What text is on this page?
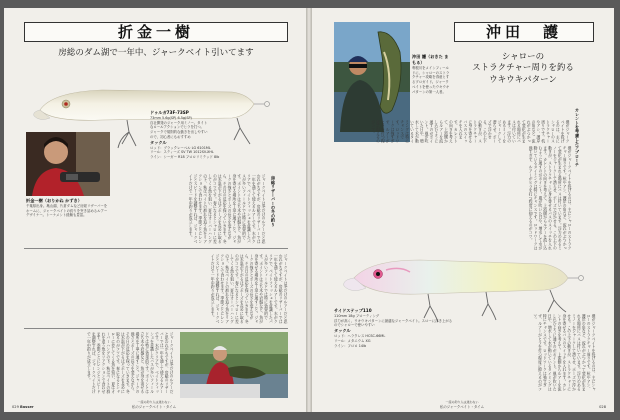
折金一樹
房総のダム湖で一年中、ジャークベイト引いてます
ドゥルガ73F-73SP
73mm 5.6g(SP) 6.5g(SP)
自社開発のジャーク用ミノー。タイト
なロールアクションでヒラを打つ。
ジャークで規則的な動きを出しやすい
ので、初心者にもおすすめ
タックル
ロッド：ブラックレーベル LG 6101ML
リール：スティーズ SV TW 1012SV-XHL
ライン：シーガー R18 フロロリミテッド 8lb
折金一樹（おりかね かずき）
千葉県出身。亀山湖、片倉ダムなど房総リザーバーをホームに、ジャークベイトの釣りを突き詰めるルアーデザイナー。トーナメント経験も豊富。	ジャークベイトは冬だけのルアーだと思われがちですが、房総のリザーバーでは一年を通して使えるルアーです。水がクリアで、ベイトフィッシュを意識したバスが多いフィールドでは特に効果的です。ポイントは立ち木や岩盤など、魚が身を寄せる場所を丁寧に通すこと。ジャークの強さとポーズの長さを変えながら、その日の反応を探っていきます。冬は水温が下がるほどポーズを長めに取るのがコツです。春になるとシャローに差してくる魚を狙い、夏はオーバーハングの下、秋はベイトの群れを追う魚をリアクションで食わせます。季節ごとにレンジとスピードを調整すれば、ジャークベイトだけで一年中釣りが成立します。	房総リザーバーの冬の釣り
ジャークベイトは冬だけのルアーだと思われがちですが、房総のリザーバーでは一年を通して使えるルアーです。水がクリアで、ベイトフィッシュを意識したバスが多いフィールドでは特に効果的です。ポイントは立ち木や岩盤など、魚が身を寄せる場所を丁寧に通すこと。ジャークの強さとポーズの長さを変えながら、その日の反応を探っていきます。冬は水温が下がるほどポーズを長めに取るのがコツです。春になるとシャローに差してくる魚を狙い、夏はオーバーハングの下、秋はベイトの群れを追う魚をリアクションで食わせます。季節ごとにレンジとスピードを調整すれば、ジャークベイトだけで一年中釣りが成立します。
ジャークベイトは冬だけのルアーだと思われがちですが、房総のリザーバーでは一年を通して使えるルアーです。水がクリアで、ベイトフィッシュを意識したバスが多いフィールドでは特に効果的です。ポイントは立ち木や岩盤など、魚が身を寄せる場所を丁寧に通すこと。ジャークの強さとポーズの長さを変えながら、その日の反応を探っていきます。冬は水温が下がるほどポーズを長めに取るのがコツです。春になるとシャローに差してくる魚を狙い、夏はオーバーハングの下、秋はベイトの群れを追う魚をリアクションで食わせます。季節ごとにレンジとスピードを調整すれば、ジャークベイトだけで一年中釣りが成立します。
029 Basser
一流の釣り人は迷わない
私のジャークベイト・タイム
沖田　護
シャローの
ストラクチャー周りを釣る
ウキウキパターン
沖田 護（おきた まもる）
利根川をメインフィールドに、シャローのストラクチャー攻略を得意とするプロガイド。ジャークベイトを使ったウキウキパターンの第一人者。
僕がジャークベイトを投げるのは、主にシャローのストラクチャー周りです。杭やアシ、護岸の角など、流れがぶつかって変化が生まれる場所にバスは付いています。浮力のあるミノーをジャークして潜らせ、ポーズで浮かせる。この上下の動きが、ストラクチャーに身を寄せるバスのスイッチを入れます。カレントの向きを考えて、上流側からルアーを流し込むように通すのがポイント。風が吹いた日や、増水して水が動いているタイミングは特にチャンスです。ロッドワークは強すぎず、ルアーがヒラを打つ程度に抑えるのがコツ。
カレントを考慮したアプローチ
僕がジャークベイトを投げるのは、主にシャローのストラクチャー周りです。杭やアシ、護岸の角など、流れがぶつかって変化が生まれる場所にバスは付いています。浮力のあるミノーをジャークして潜らせ、ポーズで浮かせる。この上下の動きが、ストラクチャーに身を寄せるバスのスイッチを入れます。カレントの向きを考えて、上流側からルアーを流し込むように通すのがポイント。風が吹いた日や、増水して水が動いているタイミングは特にチャンスです。ロッドワークは強すぎず、ルアーがヒラを打つ程度に抑えるのがコツ。
サイドステップ110
110mm 18g フローティング
浮力が高く、ウキウキパターンに最適なジャークベイト。スローに浮き上がるのでシャローで使いやすい
タックル
ロッド：ヘラクレス HCSC-66ML
リール：メタニウム XG
ライン：フロロ 14lb	僕がジャークベイトを投げるのは、主にシャローのストラクチャー周りです。杭やアシ、護岸の角など、流れがぶつかって変化が生まれる場所にバスは付いています。浮力のあるミノーをジャークして潜らせ、ポーズで浮かせる。この上下の動きが、ストラクチャーに身を寄せるバスのスイッチを入れます。カレントの向きを考えて、上流側からルアーを流し込むように通すのがポイント。風が吹いた日や、増水して水が動いているタイミングは特にチャンスです。ロッドワークは強すぎず、ルアーがヒラを打つ程度に抑えるのがコツ。
一流の釣り人は迷わない
私のジャークベイト・タイム	028
